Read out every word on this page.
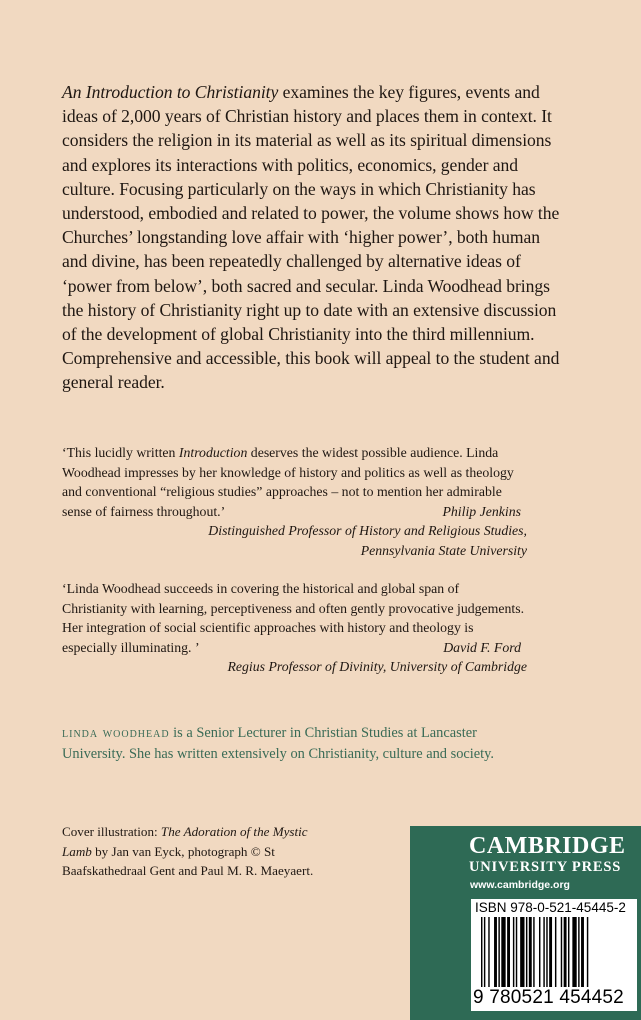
An Introduction to Christianity examines the key figures, events and ideas of 2,000 years of Christian history and places them in context. It considers the religion in its material as well as its spiritual dimensions and explores its interactions with politics, economics, gender and culture. Focusing particularly on the ways in which Christianity has understood, embodied and related to power, the volume shows how the Churches’ longstanding love affair with ‘higher power’, both human and divine, has been repeatedly challenged by alternative ideas of ‘power from below’, both sacred and secular. Linda Woodhead brings the history of Christianity right up to date with an extensive discussion of the development of global Christianity into the third millennium. Comprehensive and accessible, this book will appeal to the student and general reader.

‘This lucidly written Introduction deserves the widest possible audience. Linda Woodhead impresses by her knowledge of history and politics as well as theology and conventional “religious studies” approaches – not to mention her admirable sense of fairness throughout.’	Philip Jenkins
Distinguished Professor of History and Religious Studies,
Pennsylvania State University

‘Linda Woodhead succeeds in covering the historical and global span of Christianity with learning, perceptiveness and often gently provocative judgements. Her integration of social scientific approaches with history and theology is especially illuminating. ’	David F. Ford
Regius Professor of Divinity, University of Cambridge

linda woodhead is a Senior Lecturer in Christian Studies at Lancaster University. She has written extensively on Christianity, culture and society.

Cover illustration: The Adoration of the Mystic Lamb by Jan van Eyck, photograph © St Baafskathedraal Gent and Paul M. R. Maeyaert.

CAMBRIDGE
UNIVERSITY PRESS
www.cambridge.org
ISBN 978-0-521-45445-2
9 780521 454452
